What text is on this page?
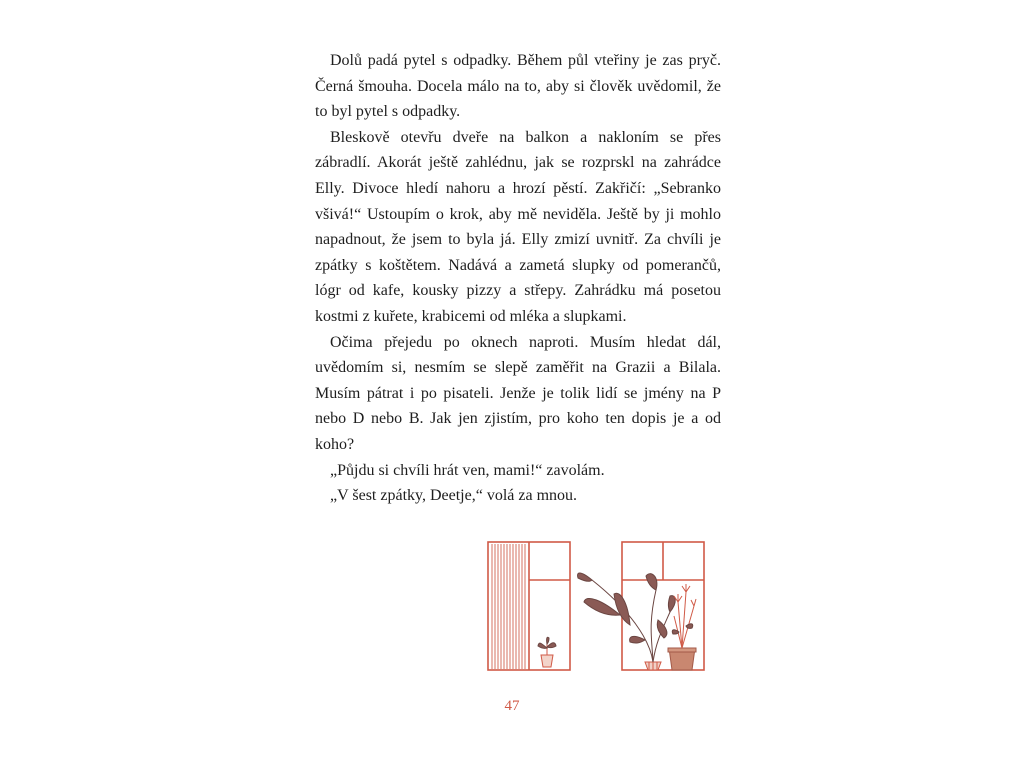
Dolů padá pytel s odpadky. Během půl vteřiny je zas pryč. Černá šmouha. Docela málo na to, aby si člověk uvědomil, že to byl pytel s odpadky.

Bleskově otevřu dveře na balkon a nakloním se přes zábradlí. Akorát ještě zahlédnu, jak se rozprskl na zahrádce Elly. Divoce hledí nahoru a hrozí pěstí. Zakřičí: „Sebranko všivá!“ Ustoupím o krok, aby mě neviděla. Ještě by ji mohlo napadnout, že jsem to byla já. Elly zmizí uvnitř. Za chvíli je zpátky s koštětem. Nadává a zametá slupky od pomerančů, lógr od kafe, kousky pizzy a střepy. Zahrádku má posetou kostmi z kuřete, krabicemi od mléka a slupkami.

Očima přejedu po oknech naproti. Musím hledat dál, uvědomím si, nesmím se slepě zaměřit na Grazii a Bilala. Musím pátrat i po pisateli. Jenže je tolik lidí se jmény na P nebo D nebo B. Jak jen zjistím, pro koho ten dopis je a od koho?

„Půjdu si chvíli hrát ven, mami!“ zavolám.

„V šest zpátky, Deetje,“ volá za mnou.

47
